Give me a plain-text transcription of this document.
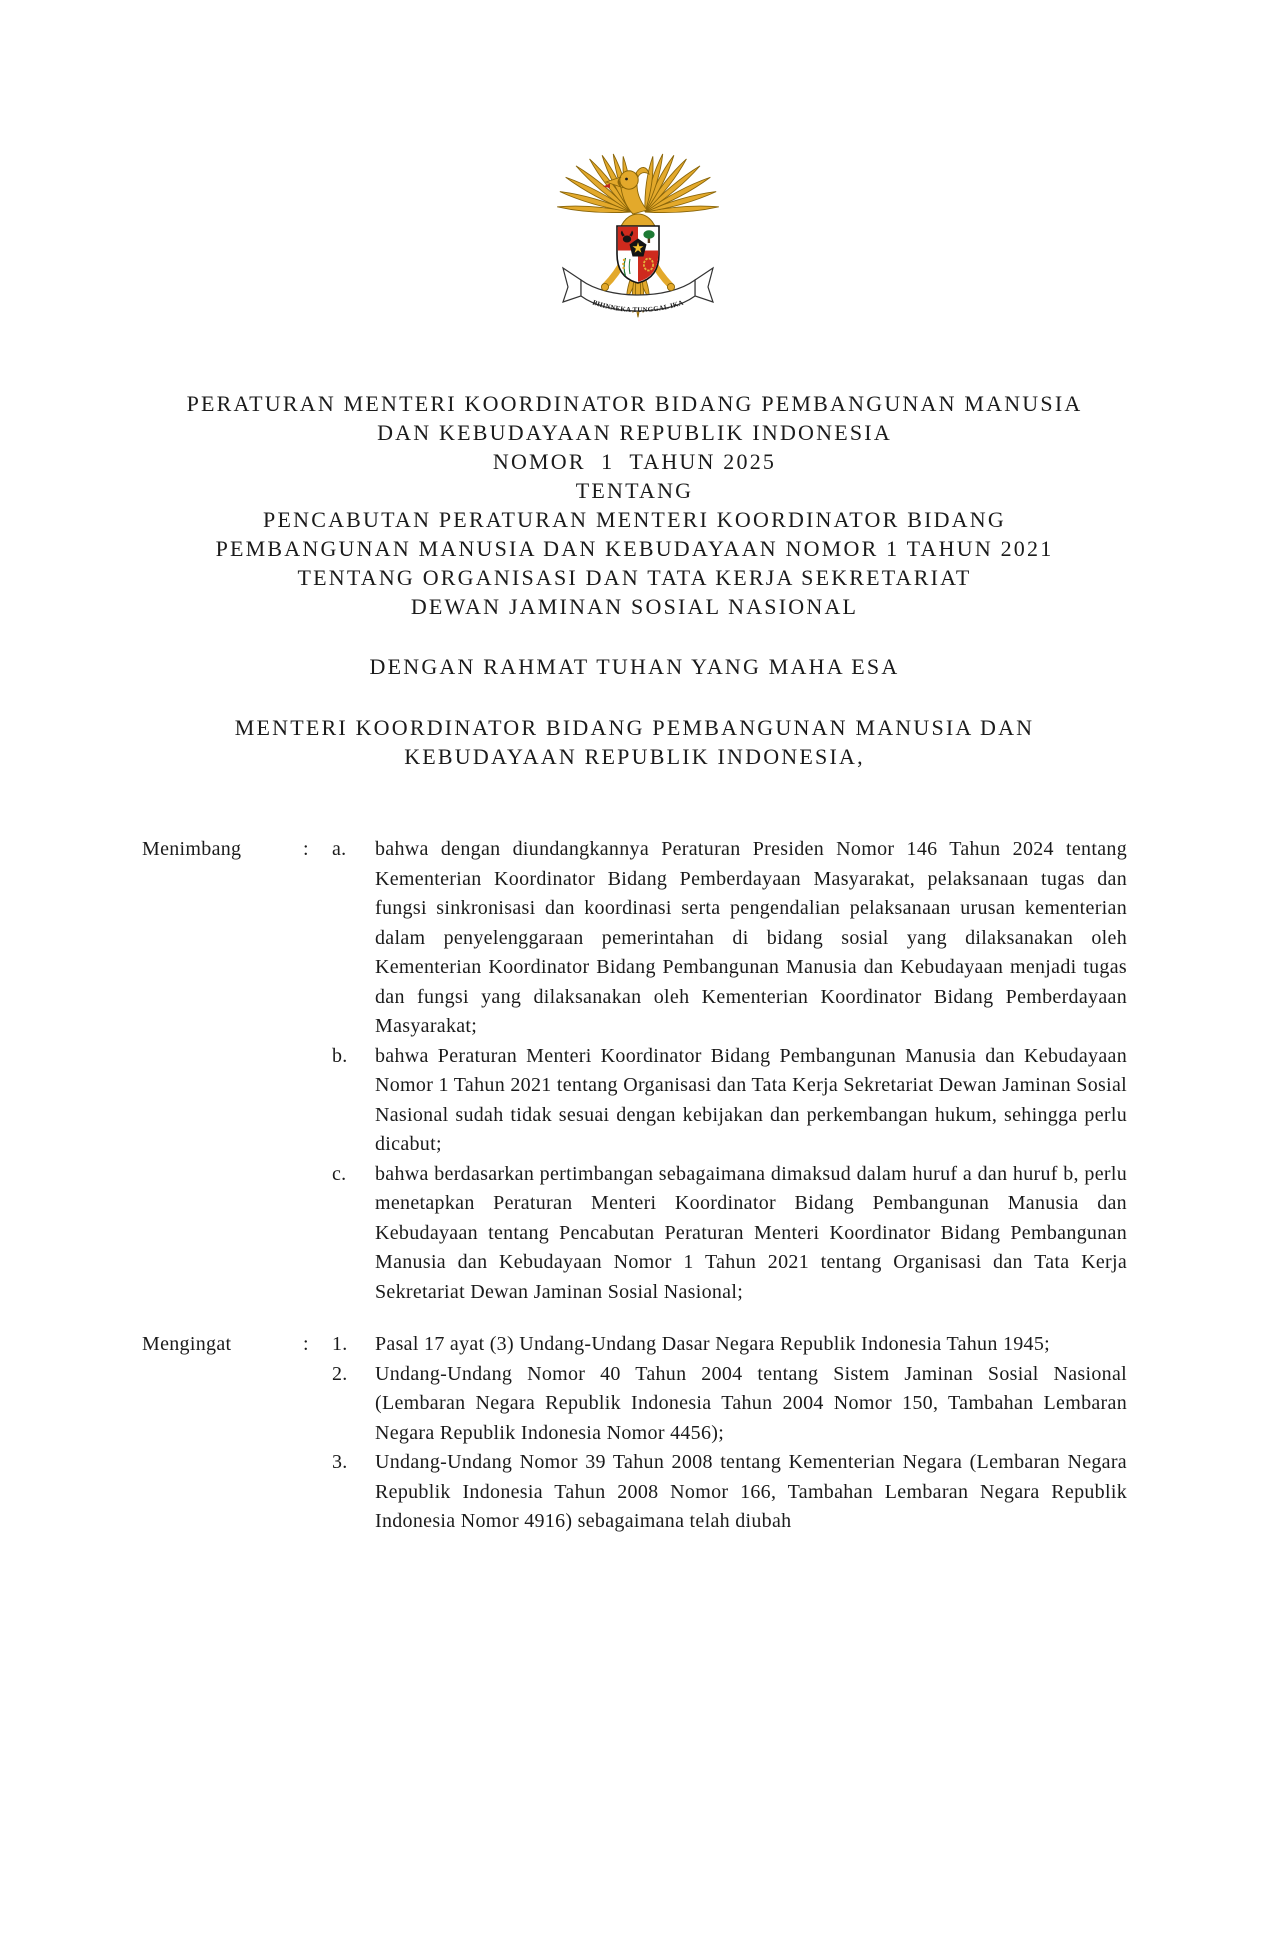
BHINNEKA TUNGGAL IKA
PERATURAN MENTERI KOORDINATOR BIDANG PEMBANGUNAN MANUSIA
DAN KEBUDAYAAN REPUBLIK INDONESIA
NOMOR  1  TAHUN 2025
TENTANG
PENCABUTAN PERATURAN MENTERI KOORDINATOR BIDANG
PEMBANGUNAN MANUSIA DAN KEBUDAYAAN NOMOR 1 TAHUN 2021
TENTANG ORGANISASI DAN TATA KERJA SEKRETARIAT
DEWAN JAMINAN SOSIAL NASIONAL
DENGAN RAHMAT TUHAN YANG MAHA ESA
MENTERI KOORDINATOR BIDANG PEMBANGUNAN MANUSIA DAN
KEBUDAYAAN REPUBLIK INDONESIA,
Menimbang	:	a.	bahwa dengan diundangkannya Peraturan Presiden Nomor 146 Tahun 2024 tentang Kementerian Koordinator Bidang Pemberdayaan Masyarakat, pelaksanaan tugas dan fungsi sinkronisasi dan koordinasi serta pengendalian pelaksanaan urusan kementerian dalam penyelenggaraan pemerintahan di bidang sosial yang dilaksanakan oleh Kementerian Koordinator Bidang Pembangunan Manusia dan Kebudayaan menjadi tugas dan fungsi yang dilaksanakan oleh Kementerian Koordinator Bidang Pemberdayaan Masyarakat;
b.	bahwa Peraturan Menteri Koordinator Bidang Pembangunan Manusia dan Kebudayaan Nomor 1 Tahun 2021 tentang Organisasi dan Tata Kerja Sekretariat Dewan Jaminan Sosial Nasional sudah tidak sesuai dengan kebijakan dan perkembangan hukum, sehingga perlu dicabut;
c.	bahwa berdasarkan pertimbangan sebagaimana dimaksud dalam huruf a dan huruf b, perlu menetapkan Peraturan Menteri Koordinator Bidang Pembangunan Manusia dan Kebudayaan tentang Pencabutan Peraturan Menteri Koordinator Bidang Pembangunan Manusia dan Kebudayaan Nomor 1 Tahun 2021 tentang Organisasi dan Tata Kerja Sekretariat Dewan Jaminan Sosial Nasional;
Mengingat	:	1.	Pasal 17 ayat (3) Undang-Undang Dasar Negara Republik Indonesia Tahun 1945;
2.	Undang-Undang Nomor 40 Tahun 2004 tentang Sistem Jaminan Sosial Nasional (Lembaran Negara Republik Indonesia Tahun 2004 Nomor 150, Tambahan Lembaran Negara Republik Indonesia Nomor 4456);
3.	Undang-Undang Nomor 39 Tahun 2008 tentang Kementerian Negara (Lembaran Negara Republik Indonesia Tahun 2008 Nomor 166, Tambahan Lembaran Negara Republik Indonesia Nomor 4916) sebagaimana telah diubah
